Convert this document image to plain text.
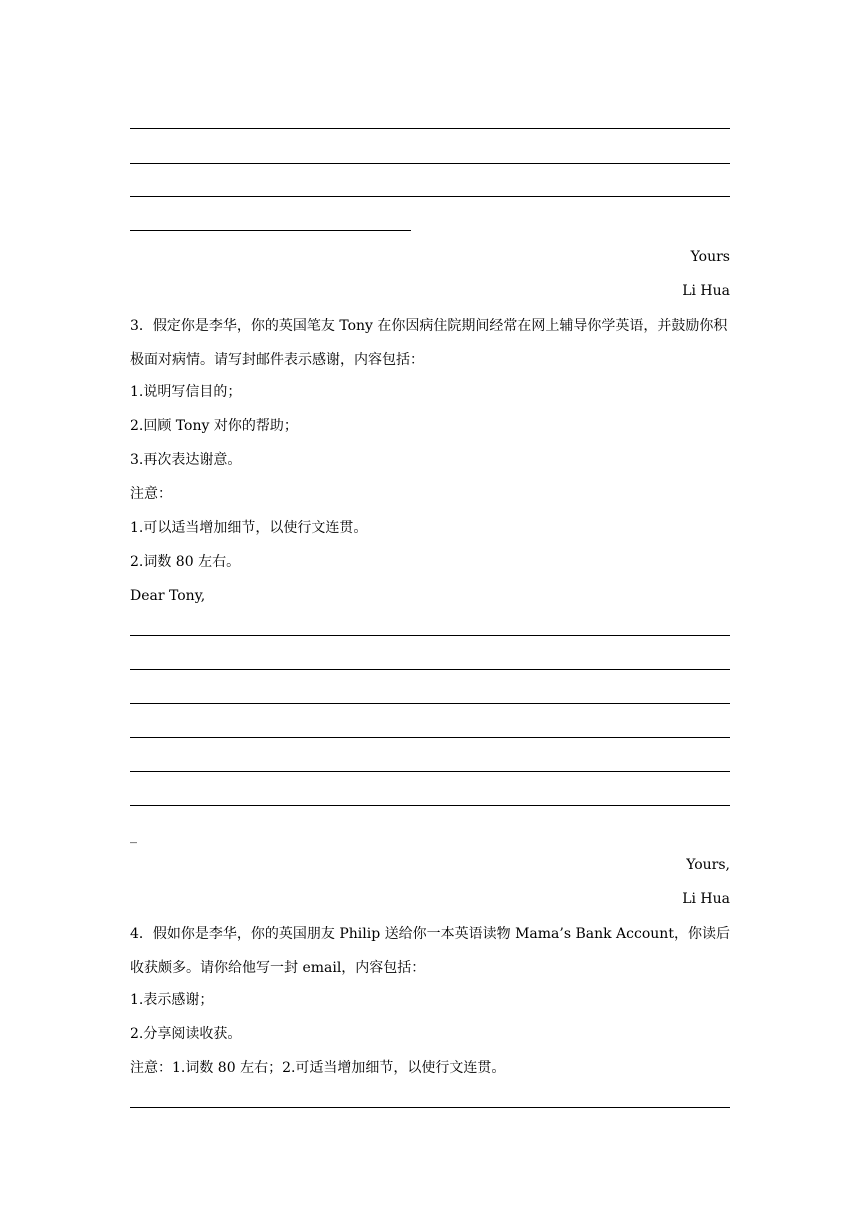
Yours
Li Hua
3．假定你是李华，你的英国笔友 Tony 在你因病住院期间经常在网上辅导你学英语，并鼓励你积极面对病情。请写封邮件表示感谢，内容包括：
1.说明写信目的；
2.回顾 Tony 对你的帮助；
3.再次表达谢意。
注意：
1.可以适当增加细节，以使行文连贯。
2.词数 80 左右。
Dear Tony,
_
Yours,
Li Hua
4．假如你是李华，你的英国朋友 Philip 送给你一本英语读物 Mama’s Bank Account，你读后收获颇多。请你给他写一封 email，内容包括：
1.表示感谢；
2.分享阅读收获。
注意：1.词数 80 左右；2.可适当增加细节，以使行文连贯。
